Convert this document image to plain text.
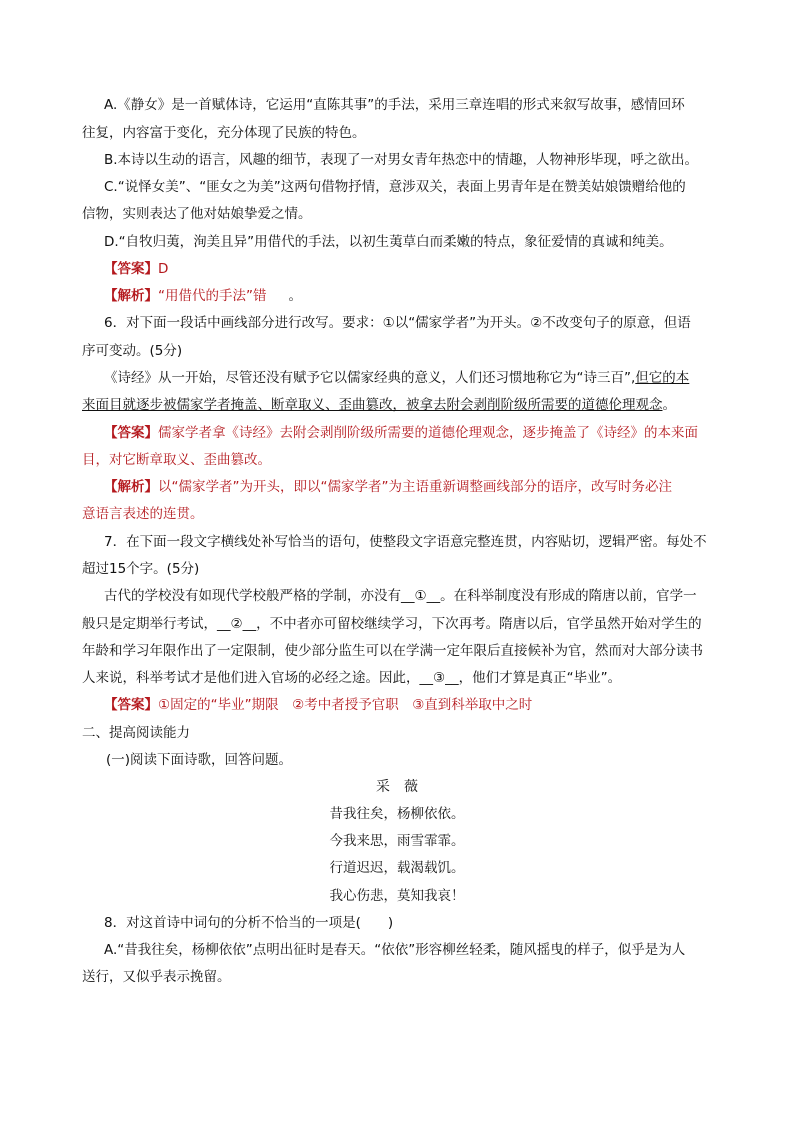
A.《静女》是一首赋体诗，它运用“直陈其事”的手法，采用三章连唱的形式来叙写故事，感情回环
往复，内容富于变化，充分体现了民族的特色。
B.本诗以生动的语言，风趣的细节，表现了一对男女青年热恋中的情趣，人物神形毕现，呼之欲出。
C.“说怿女美”、“匪女之为美”这两句借物抒情，意涉双关，表面上男青年是在赞美姑娘馈赠给他的
信物，实则表达了他对姑娘挚爱之情。
D.“自牧归荑，洵美且异”用借代的手法，以初生荑草白而柔嫩的特点，象征爱情的真诚和纯美。
【答案】D
【解析】“用借代的手法”错 。
6．对下面一段话中画线部分进行改写。要求：①以“儒家学者”为开头。②不改变句子的原意，但语
序可变动。(5分)
《诗经》从一开始，尽管还没有赋予它以儒家经典的意义，人们还习惯地称它为“诗三百”,但它的本
来面目就逐步被儒家学者掩盖、断章取义、歪曲篡改，被拿去附会剥削阶级所需要的道德伦理观念。
【答案】儒家学者拿《诗经》去附会剥削阶级所需要的道德伦理观念，逐步掩盖了《诗经》的本来面
目，对它断章取义、歪曲篡改。
【解析】以“儒家学者”为开头，即以“儒家学者”为主语重新调整画线部分的语序，改写时务必注
意语言表述的连贯。
7．在下面一段文字横线处补写恰当的语句，使整段文字语意完整连贯，内容贴切，逻辑严密。每处不
超过15个字。(5分)
古代的学校没有如现代学校般严格的学制，亦没有__①__。在科举制度没有形成的隋唐以前，官学一
般只是定期举行考试，__②__，不中者亦可留校继续学习，下次再考。隋唐以后，官学虽然开始对学生的
年龄和学习年限作出了一定限制，使少部分监生可以在学满一定年限后直接候补为官，然而对大部分读书
人来说，科举考试才是他们进入官场的必经之途。因此，__③__，他们才算是真正“毕业”。
【答案】①固定的“毕业”期限　②考中者授予官职　③直到科举取中之时
二、提高阅读能力
(一)阅读下面诗歌，回答问题。
采　薇
昔我往矣，杨柳依依。
今我来思，雨雪霏霏。
行道迟迟，载渴载饥。
我心伤悲，莫知我哀！
8．对这首诗中词句的分析不恰当的一项是(　　)
A.“昔我往矣，杨柳依依”点明出征时是春天。“依依”形容柳丝轻柔，随风摇曳的样子，似乎是为人
送行，又似乎表示挽留。
